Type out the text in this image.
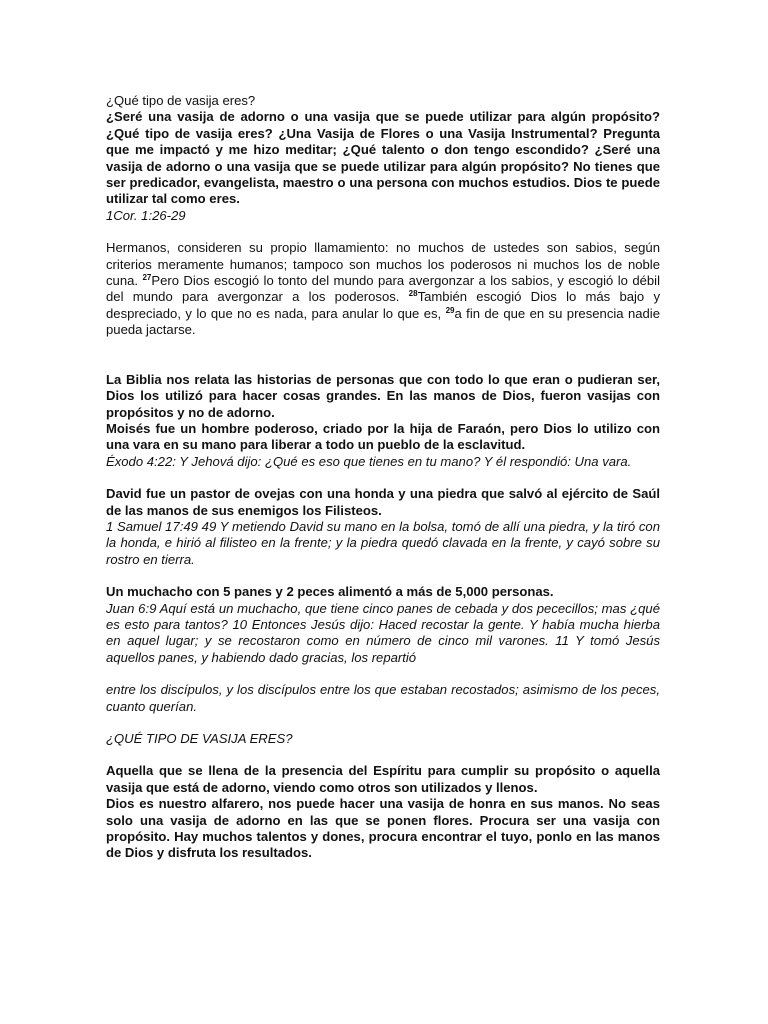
¿Qué tipo de vasija eres?

¿Seré una vasija de adorno o una vasija que se puede utilizar para algún propósito? ¿Qué tipo de vasija eres? ¿Una Vasija de Flores o una Vasija Instrumental? Pregunta que me impactó y me hizo meditar; ¿Qué talento o don tengo escondido? ¿Seré una vasija de adorno o una vasija que se puede utilizar para algún propósito? No tienes que ser predicador, evangelista, maestro o una persona con muchos estudios. Dios te puede utilizar tal como eres.

1Cor. 1:26-29

Hermanos, consideren su propio llamamiento: no muchos de ustedes son sabios, según criterios meramente humanos; tampoco son muchos los poderosos ni muchos los de noble cuna. $^{27}$Pero Dios escogió lo tonto del mundo para avergonzar a los sabios, y escogió lo débil del mundo para avergonzar a los poderosos. $^{28}$También escogió Dios lo más bajo y despreciado, y lo que no es nada, para anular lo que es, $^{29}$a fin de que en su presencia nadie pueda jactarse.

La Biblia nos relata las historias de personas que con todo lo que eran o pudieran ser, Dios los utilizó para hacer cosas grandes. En las manos de Dios, fueron vasijas con propósitos y no de adorno.

Moisés fue un hombre poderoso, criado por la hija de Faraón, pero Dios lo utilizo con una vara en su mano para liberar a todo un pueblo de la esclavitud.

Éxodo 4:22: Y Jehová dijo: ¿Qué es eso que tienes en tu mano? Y él respondió: Una vara.

David fue un pastor de ovejas con una honda y una piedra que salvó al ejército de Saúl de las manos de sus enemigos los Filisteos.

1 Samuel 17:49 49 Y metiendo David su mano en la bolsa, tomó de allí una piedra, y la tiró con la honda, e hirió al filisteo en la frente; y la piedra quedó clavada en la frente, y cayó sobre su rostro en tierra.

Un muchacho con 5 panes y 2 peces alimentó a más de 5,000 personas.

Juan 6:9 Aquí está un muchacho, que tiene cinco panes de cebada y dos pececillos; mas ¿qué es esto para tantos? 10 Entonces Jesús dijo: Haced recostar la gente. Y había mucha hierba en aquel lugar; y se recostaron como en número de cinco mil varones. 11 Y tomó Jesús aquellos panes, y habiendo dado gracias, los repartió

entre los discípulos, y los discípulos entre los que estaban recostados; asimismo de los peces, cuanto querían.

¿QUÉ TIPO DE VASIJA ERES?

Aquella que se llena de la presencia del Espíritu para cumplir su propósito o aquella vasija que está de adorno, viendo como otros son utilizados y llenos.

Dios es nuestro alfarero, nos puede hacer una vasija de honra en sus manos. No seas solo una vasija de adorno en las que se ponen flores. Procura ser una vasija con propósito. Hay muchos talentos y dones, procura encontrar el tuyo, ponlo en las manos de Dios y disfruta los resultados.
